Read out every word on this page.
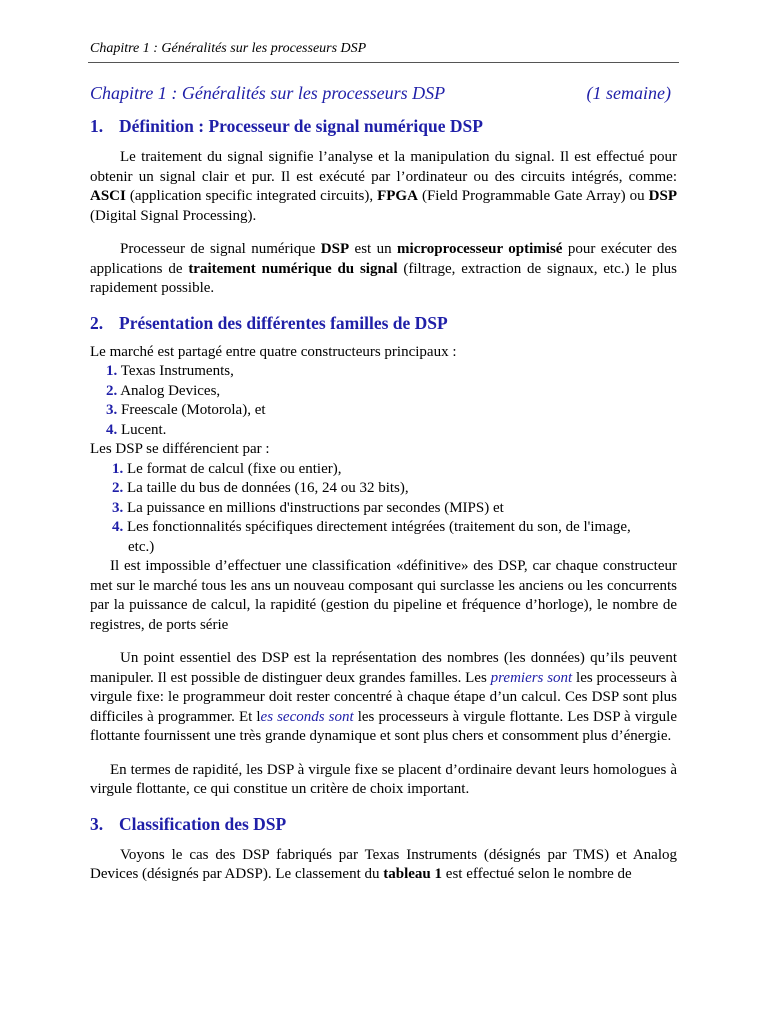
Chapitre 1 : Généralités sur les processeurs DSP
Chapitre 1 : Généralités sur les processeurs DSP	(1 semaine)
1. Définition : Processeur de signal numérique DSP

Le traitement du signal signifie l’analyse et la manipulation du signal. Il est effectué pour obtenir un signal clair et pur. Il est exécuté par l’ordinateur ou des circuits intégrés, comme: ASCI (application specific integrated circuits), FPGA (Field Programmable Gate Array) ou DSP (Digital Signal Processing).

Processeur de signal numérique DSP est un microprocesseur optimisé pour exécuter des applications de traitement numérique du signal (filtrage, extraction de signaux, etc.) le plus rapidement possible.

2. Présentation des différentes familles de DSP

Le marché est partagé entre quatre constructeurs principaux :

1. Texas Instruments,
2. Analog Devices,
3. Freescale (Motorola), et
4. Lucent.

Les DSP se différencient par :

1. Le format de calcul (fixe ou entier),
2. La taille du bus de données (16, 24 ou 32 bits),
3. La puissance en millions d'instructions par secondes (MIPS) et
4. Les fonctionnalités spécifiques directement intégrées (traitement du son, de l'image,
etc.)

Il est impossible d’effectuer une classification «définitive» des DSP, car chaque constructeur met sur le marché tous les ans un nouveau composant qui surclasse les anciens ou les concurrents par la puissance de calcul, la rapidité (gestion du pipeline et fréquence d’horloge), le nombre de registres, de ports série

Un point essentiel des DSP est la représentation des nombres (les données) qu’ils peuvent manipuler. Il est possible de distinguer deux grandes familles. Les premiers sont les processeurs à virgule fixe: le programmeur doit rester concentré à chaque étape d’un calcul. Ces DSP sont plus difficiles à programmer. Et les seconds sont les processeurs à virgule flottante. Les DSP à virgule flottante fournissent une très grande dynamique et sont plus chers et consomment plus d’énergie.

En termes de rapidité, les DSP à virgule fixe se placent d’ordinaire devant leurs homologues à virgule flottante, ce qui constitue un critère de choix important.

3. Classification des DSP

Voyons le cas des DSP fabriqués par Texas Instruments (désignés par TMS) et Analog Devices (désignés par ADSP). Le classement du tableau 1 est effectué selon le nombre de
